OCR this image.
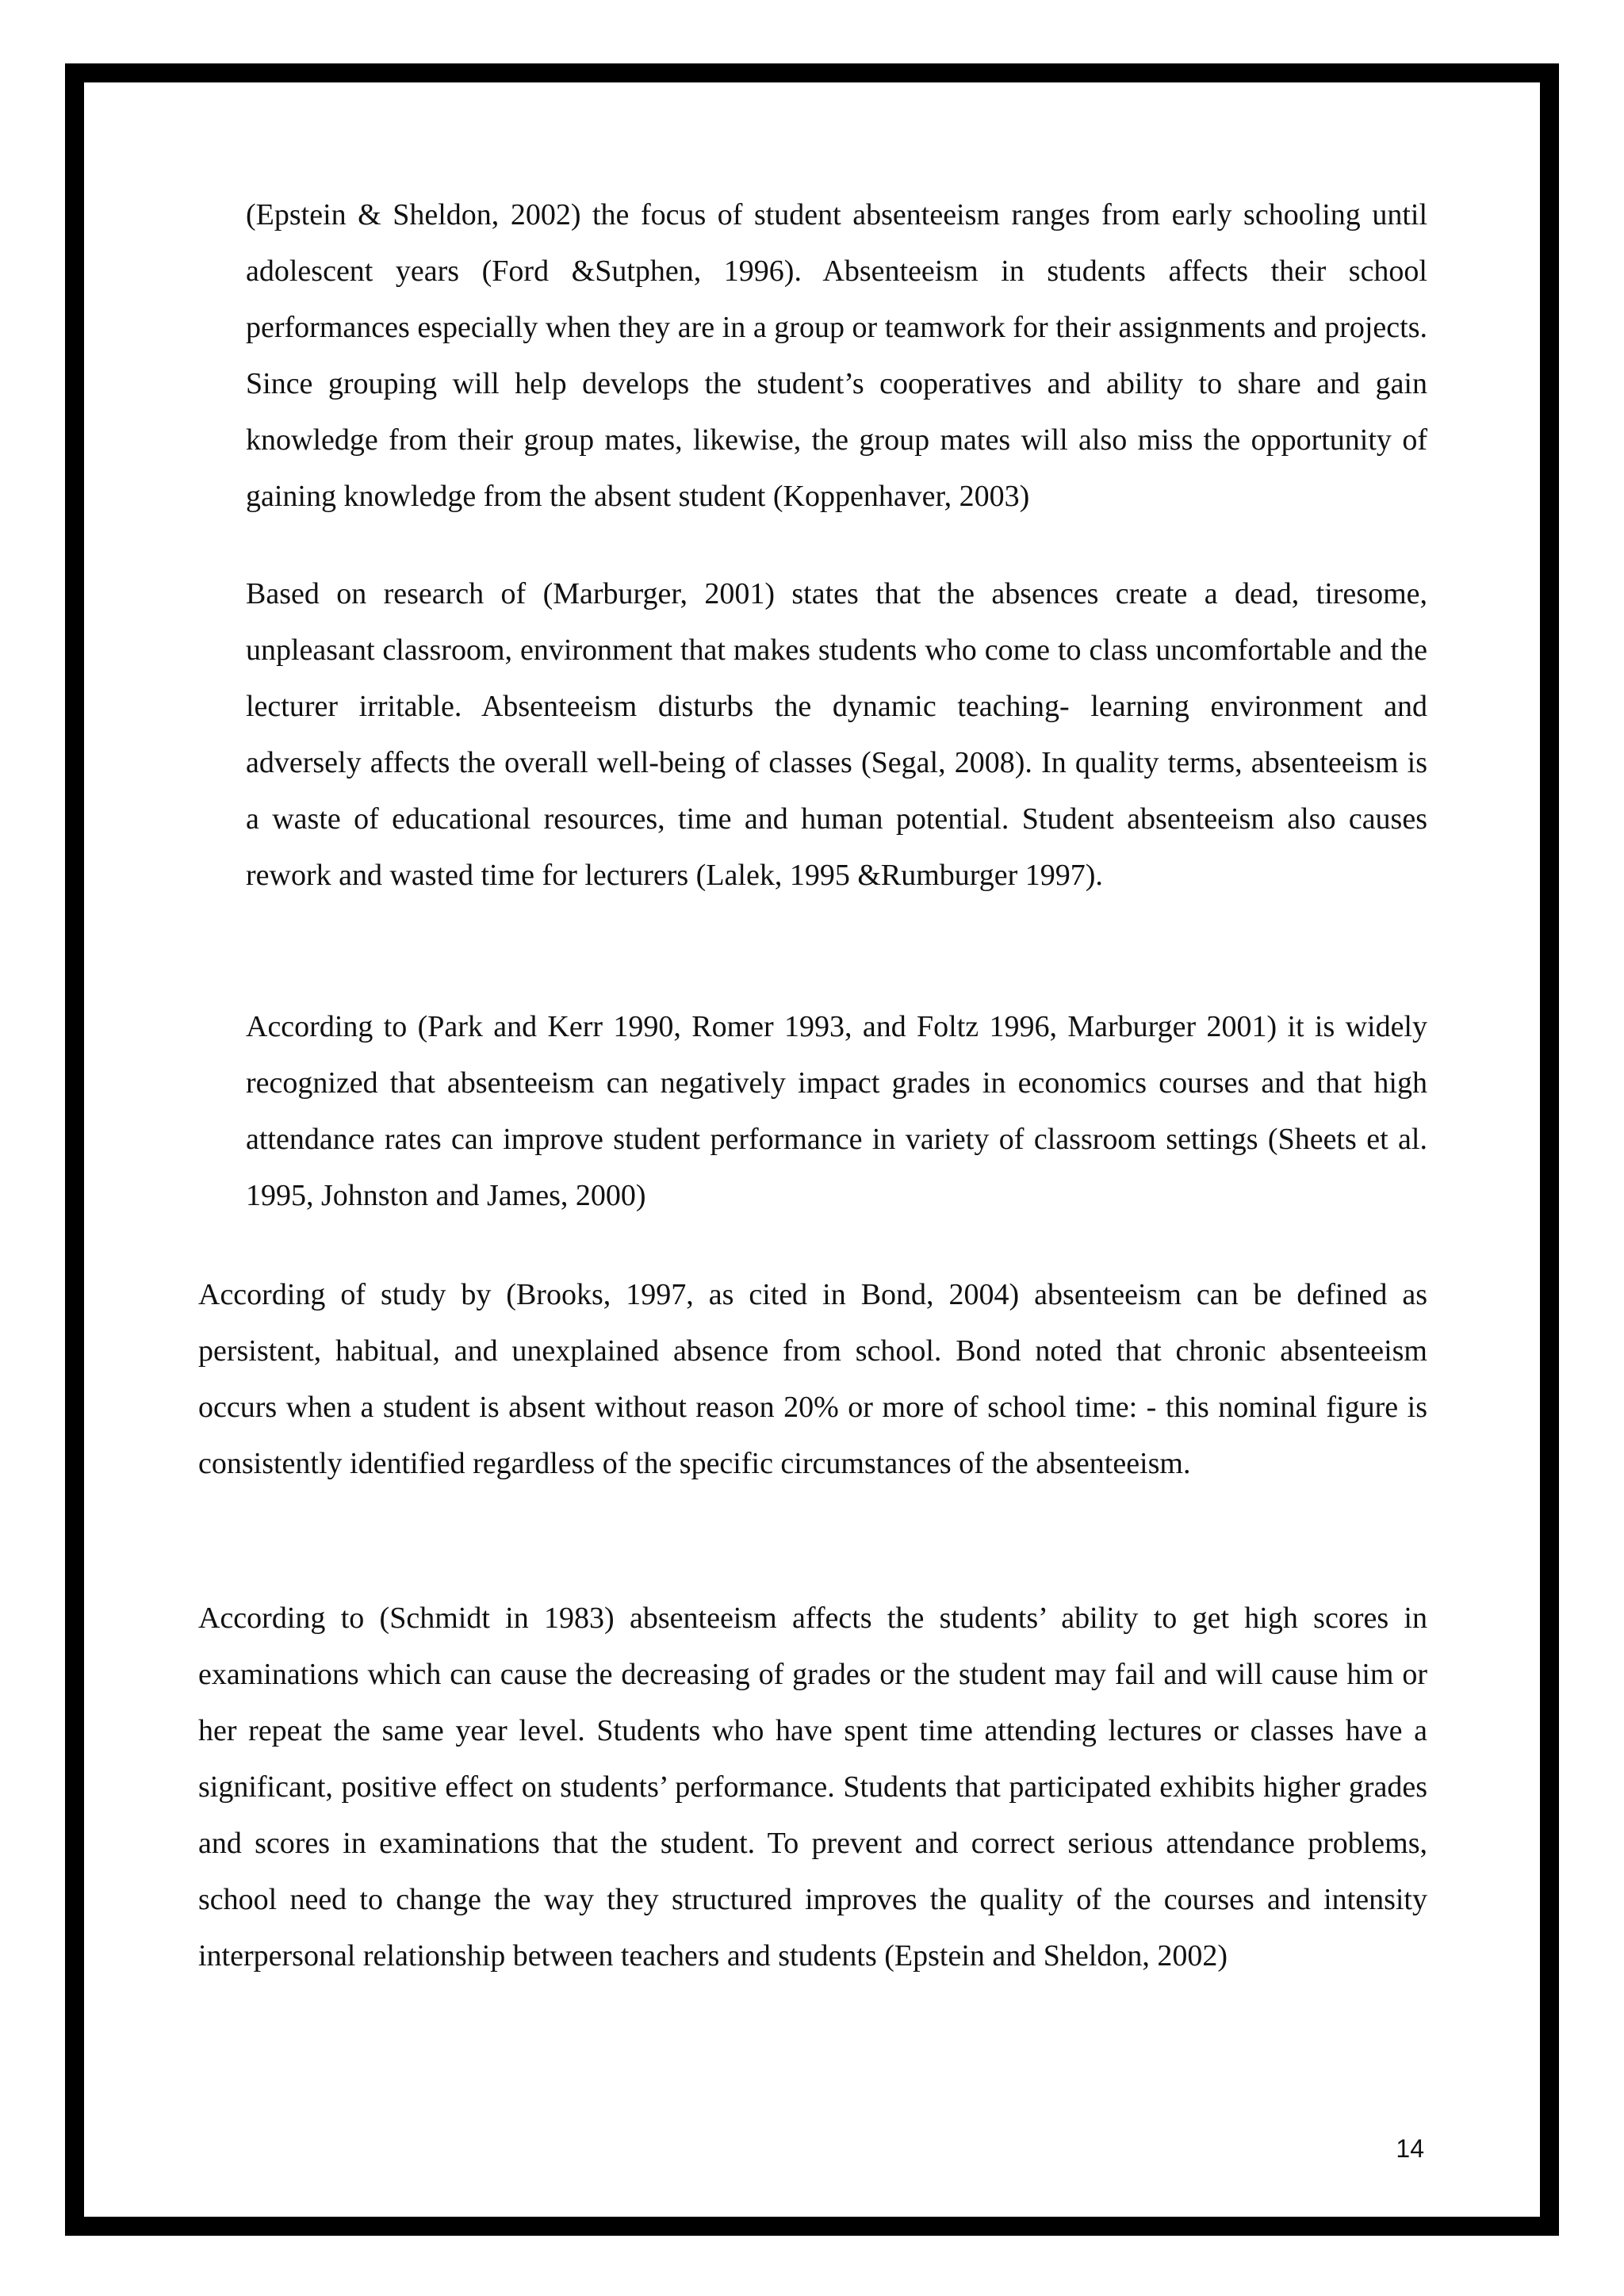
(Epstein & Sheldon, 2002) the focus of student absenteeism ranges from early schooling until adolescent years (Ford &Sutphen, 1996). Absenteeism in students affects their school performances especially when they are in a group or teamwork for their assignments and projects. Since grouping will help develops the student’s cooperatives and ability to share and gain knowledge from their group mates, likewise, the group mates will also miss the opportunity of gaining knowledge from the absent student (Koppenhaver, 2003)

Based on research of (Marburger, 2001) states that the absences create a dead, tiresome, unpleasant classroom, environment that makes students who come to class uncomfortable and the lecturer irritable. Absenteeism disturbs the dynamic teaching- learning environment and adversely affects the overall well-being of classes (Segal, 2008). In quality terms, absenteeism is a waste of educational resources, time and human potential. Student absenteeism also causes rework and wasted time for lecturers (Lalek, 1995 &Rumburger 1997).

According to (Park and Kerr 1990, Romer 1993, and Foltz 1996, Marburger 2001) it is widely recognized that absenteeism can negatively impact grades in economics courses and that high attendance rates can improve student performance in variety of classroom settings (Sheets et al. 1995, Johnston and James, 2000)

According of study by (Brooks, 1997, as cited in Bond, 2004) absenteeism can be defined as persistent, habitual, and unexplained absence from school. Bond noted that chronic absenteeism occurs when a student is absent without reason 20% or more of school time: - this nominal figure is consistently identified regardless of the specific circumstances of the absenteeism.

According to (Schmidt in 1983) absenteeism affects the students’ ability to get high scores in examinations which can cause the decreasing of grades or the student may fail and will cause him or her repeat the same year level. Students who have spent time attending lectures or classes have a significant, positive effect on students’ performance. Students that participated exhibits higher grades and scores in examinations that the student. To prevent and correct serious attendance problems, school need to change the way they structured improves the quality of the courses and intensity interpersonal relationship between teachers and students (Epstein and Sheldon, 2002)

14
